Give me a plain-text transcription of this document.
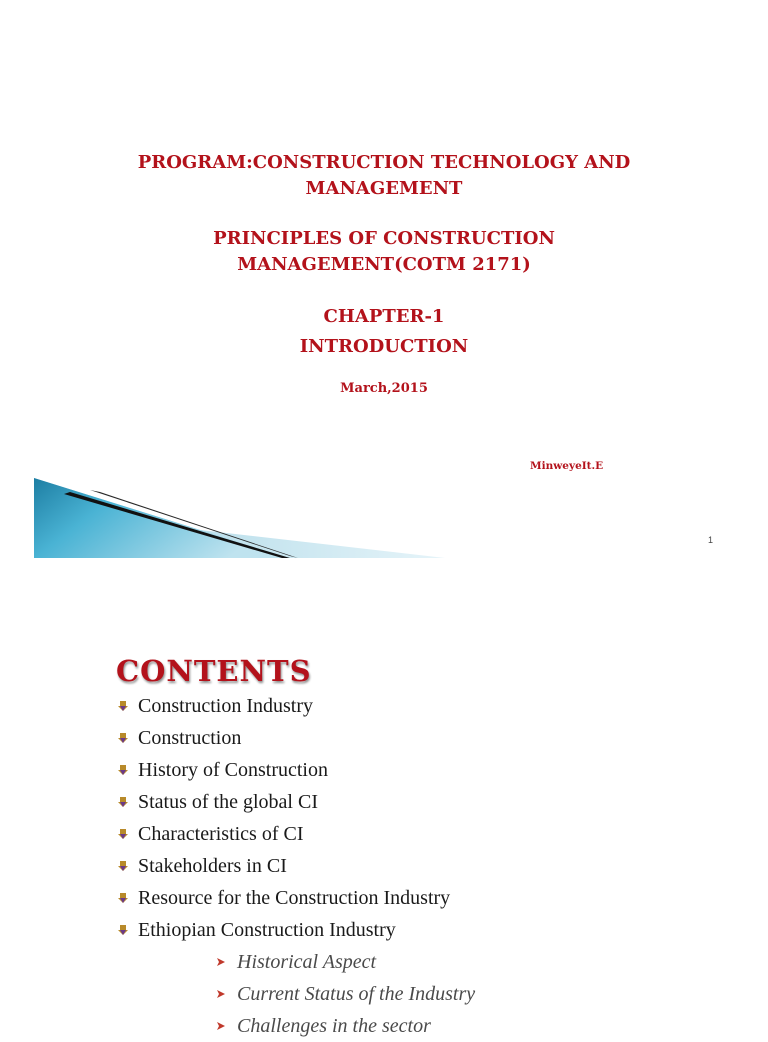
PROGRAM:CONSTRUCTION TECHNOLOGY AND
MANAGEMENT
PRINCIPLES OF CONSTRUCTION
MANAGEMENT(COTM 2171)
CHAPTER-1
INTRODUCTION
March,2015
MinweyeIt.E
1
CONTENTS
Construction Industry
Construction
History of Construction
Status of the global CI
Characteristics of CI
Stakeholders in CI
Resource for the Construction Industry
Ethiopian Construction Industry
Historical Aspect
Current Status of the Industry
Challenges in the sector
